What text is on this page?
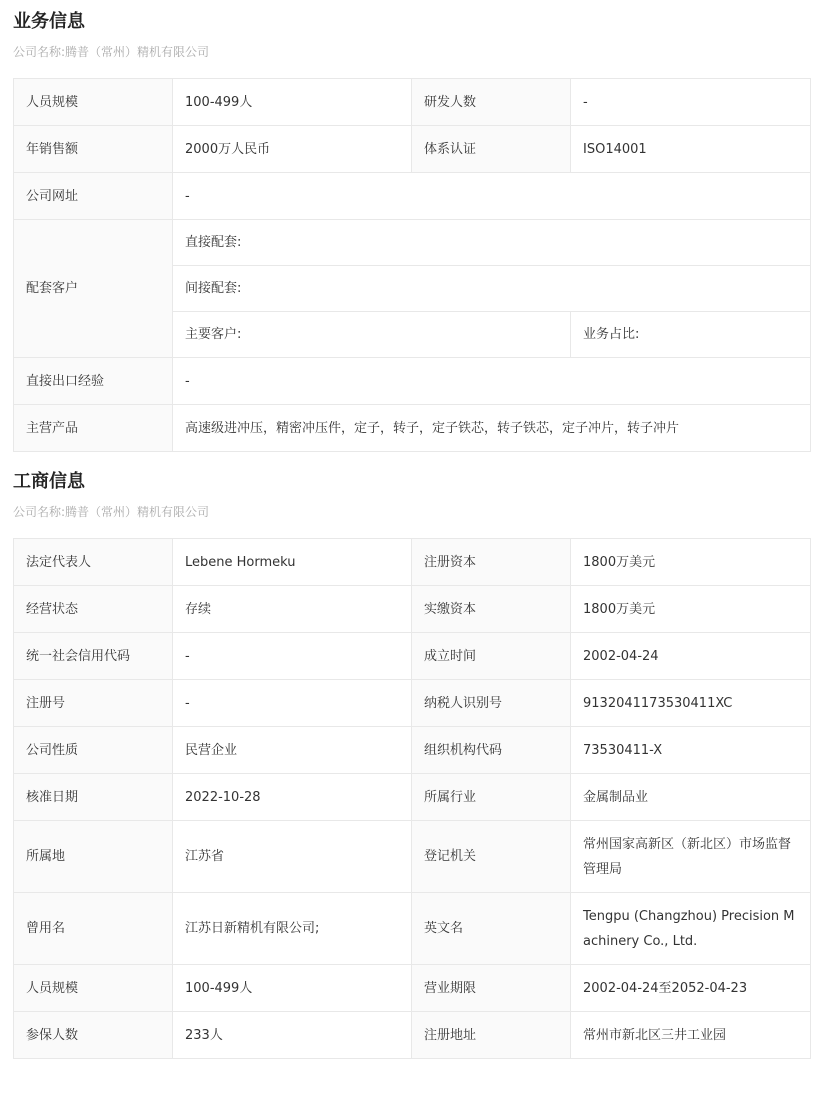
业务信息
公司名称:腾普（常州）精机有限公司
人员规模	100-499人	研发人数	-
年销售额	2000万人民币	体系认证	ISO14001
公司网址	-		
配套客户	直接配套:		
	间接配套:		
	主要客户:		业务占比:
直接出口经验	-		
主营产品	高速级进冲压，精密冲压件，定子，转子，定子铁芯，转子铁芯，定子冲片，转子冲片		
工商信息
公司名称:腾普（常州）精机有限公司
法定代表人	Lebene Hormeku	注册资本	1800万美元
经营状态	存续	实缴资本	1800万美元
统一社会信用代码	-	成立时间	2002-04-24
注册号	-	纳税人识别号	9132041173530411XC
公司性质	民营企业	组织机构代码	73530411-X
核准日期	2022-10-28	所属行业	金属制品业
所属地	江苏省	登记机关	常州国家高新区（新北区）市场监督管理局
曾用名	江苏日新精机有限公司;	英文名	Tengpu (Changzhou) Precision Machinery Co., Ltd.
人员规模	100-499人	营业期限	2002-04-24至2052-04-23
参保人数	233人	注册地址	常州市新北区三井工业园
